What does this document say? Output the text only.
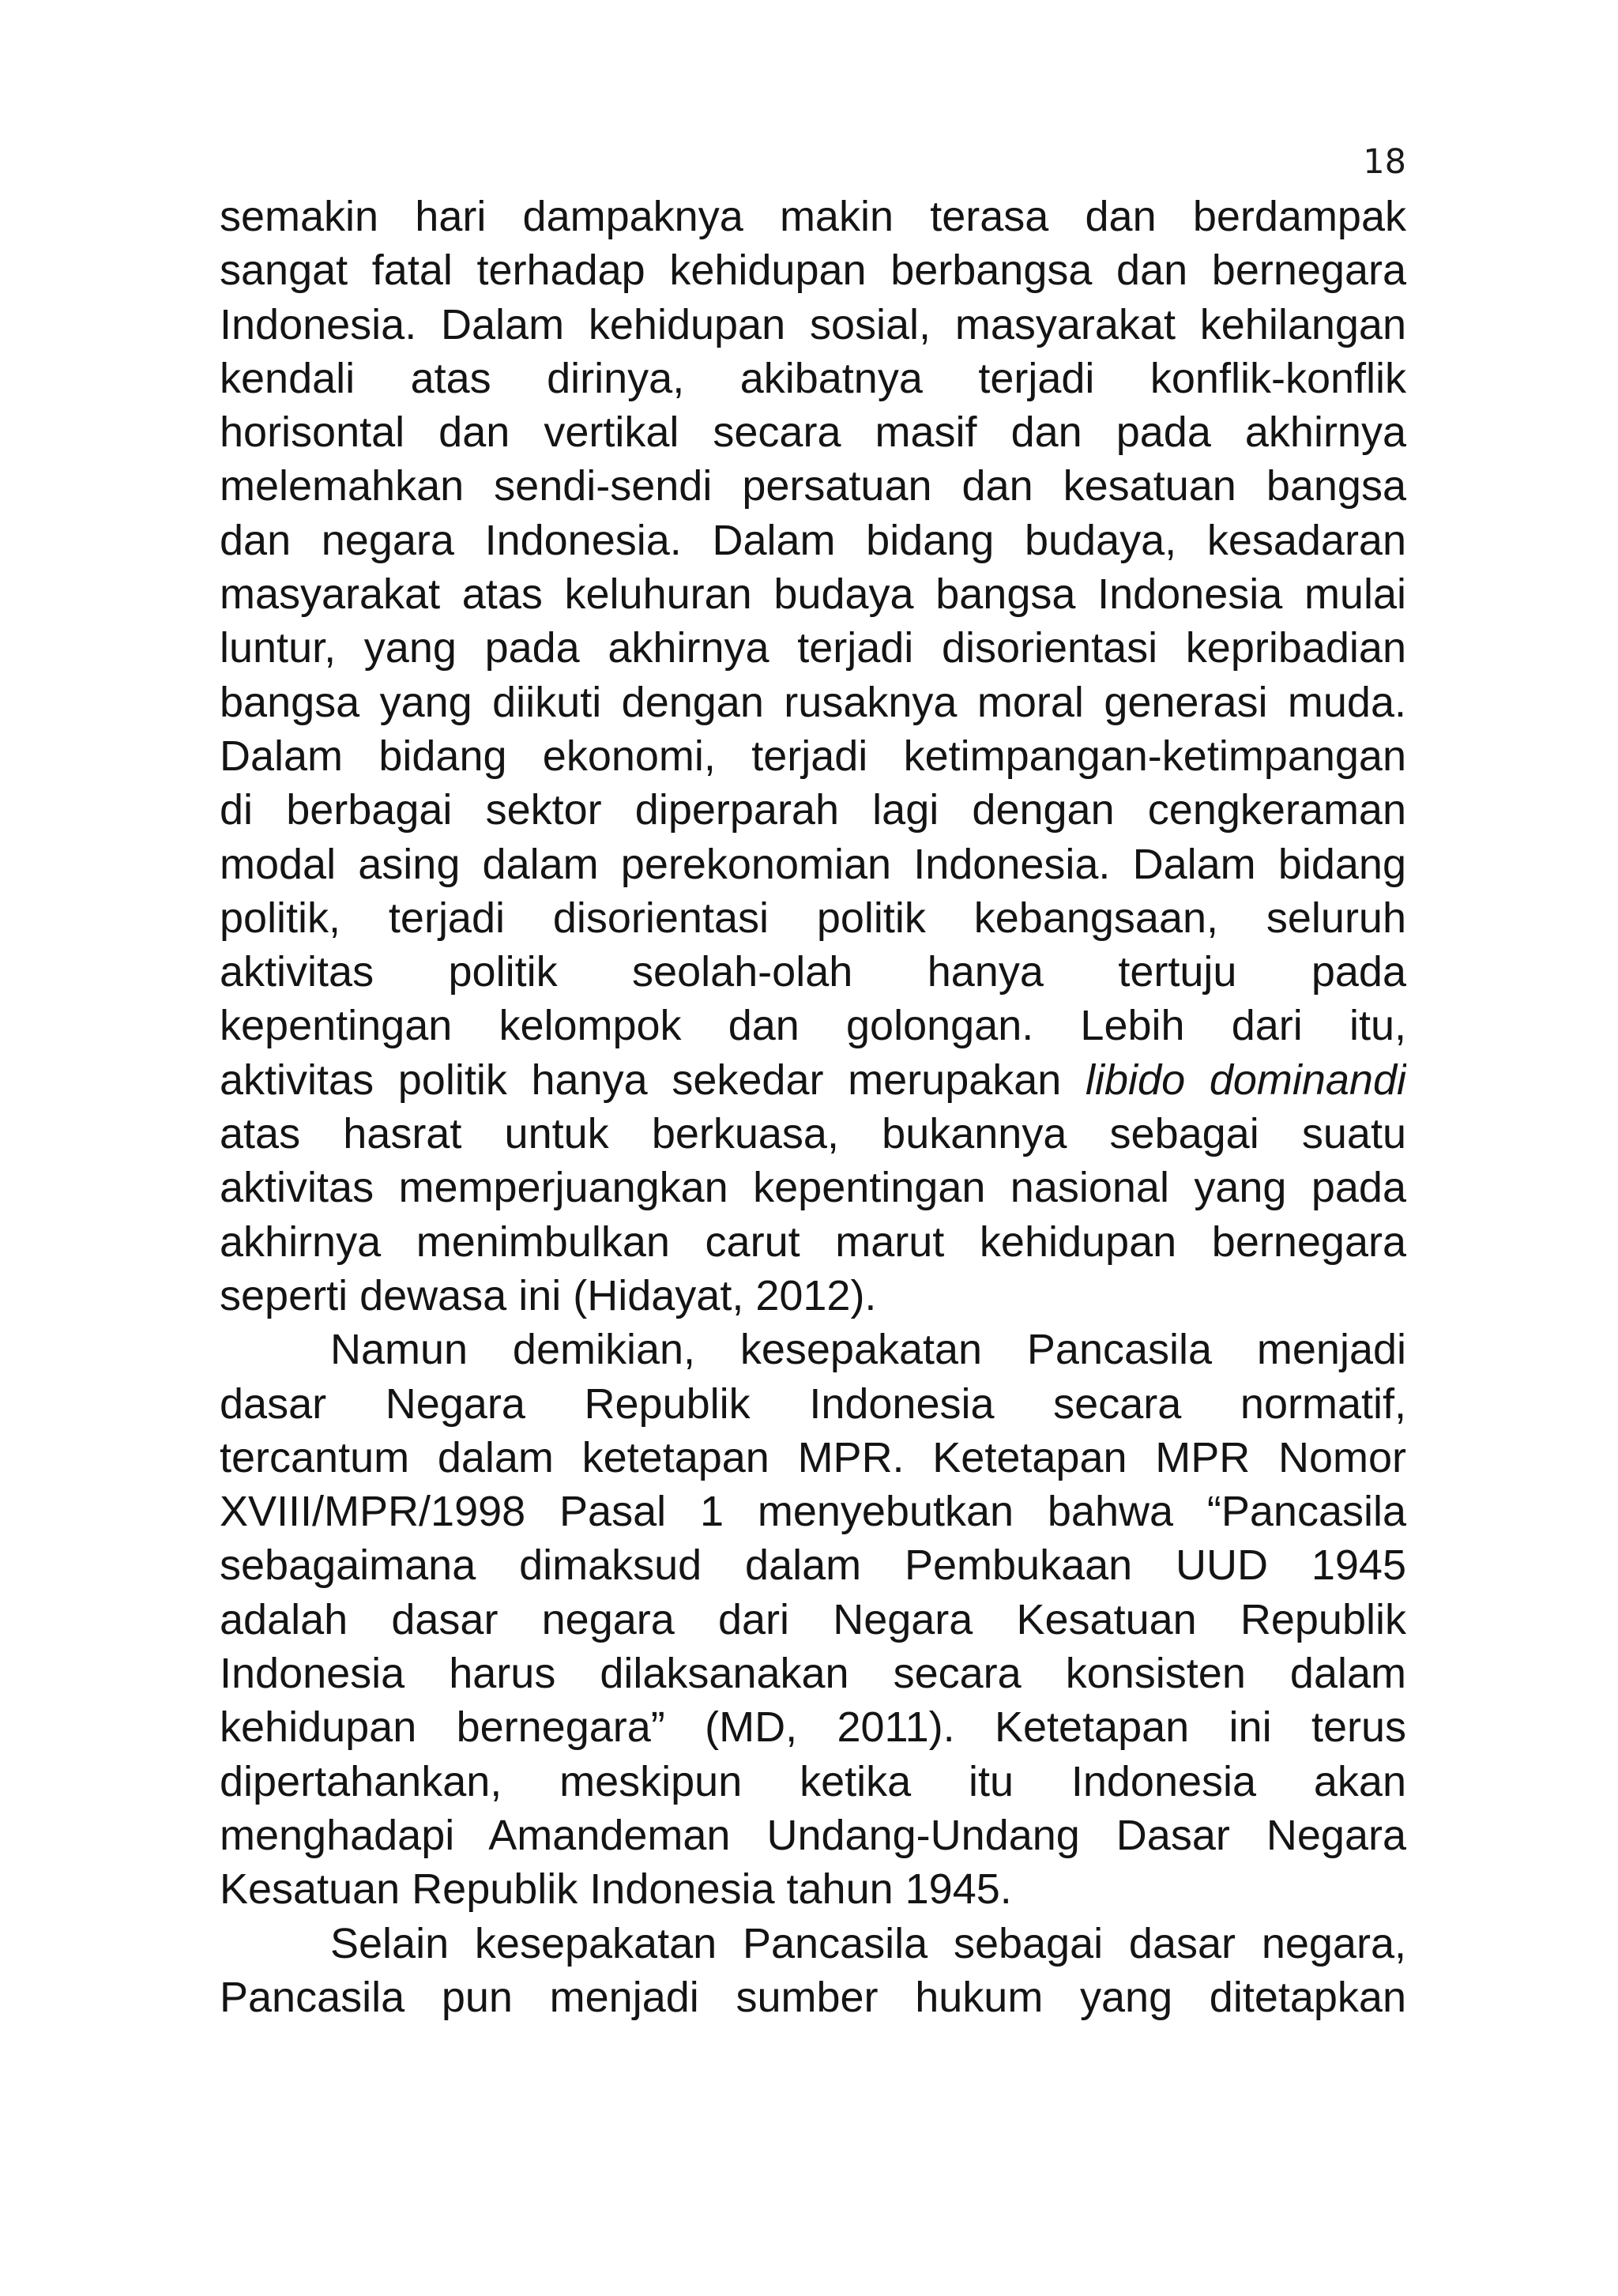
18
semakin hari dampaknya makin terasa dan berdampak
sangat fatal terhadap kehidupan berbangsa dan bernegara
Indonesia. Dalam kehidupan sosial, masyarakat kehilangan
kendali atas dirinya, akibatnya terjadi konflik-konflik
horisontal dan vertikal secara masif dan pada akhirnya
melemahkan sendi-sendi persatuan dan kesatuan bangsa
dan negara Indonesia. Dalam bidang budaya, kesadaran
masyarakat atas keluhuran budaya bangsa Indonesia mulai
luntur, yang pada akhirnya terjadi disorientasi kepribadian
bangsa yang diikuti dengan rusaknya moral generasi muda.
Dalam bidang ekonomi, terjadi ketimpangan-ketimpangan
di berbagai sektor diperparah lagi dengan cengkeraman
modal asing dalam perekonomian Indonesia. Dalam bidang
politik, terjadi disorientasi politik kebangsaan, seluruh
aktivitas politik seolah-olah hanya tertuju pada
kepentingan kelompok dan golongan. Lebih dari itu,
aktivitas politik hanya sekedar merupakan libido dominandi
atas hasrat untuk berkuasa, bukannya sebagai suatu
aktivitas memperjuangkan kepentingan nasional yang pada
akhirnya menimbulkan carut marut kehidupan bernegara
seperti dewasa ini (Hidayat, 2012).
Namun demikian, kesepakatan Pancasila menjadi
dasar Negara Republik Indonesia secara normatif,
tercantum dalam ketetapan MPR. Ketetapan MPR Nomor
XVIII/MPR/1998 Pasal 1 menyebutkan bahwa “Pancasila
sebagaimana dimaksud dalam Pembukaan UUD 1945
adalah dasar negara dari Negara Kesatuan Republik
Indonesia harus dilaksanakan secara konsisten dalam
kehidupan bernegara” (MD, 2011). Ketetapan ini terus
dipertahankan, meskipun ketika itu Indonesia akan
menghadapi Amandeman Undang-Undang Dasar Negara
Kesatuan Republik Indonesia tahun 1945.
Selain kesepakatan Pancasila sebagai dasar negara,
Pancasila pun menjadi sumber hukum yang ditetapkan
